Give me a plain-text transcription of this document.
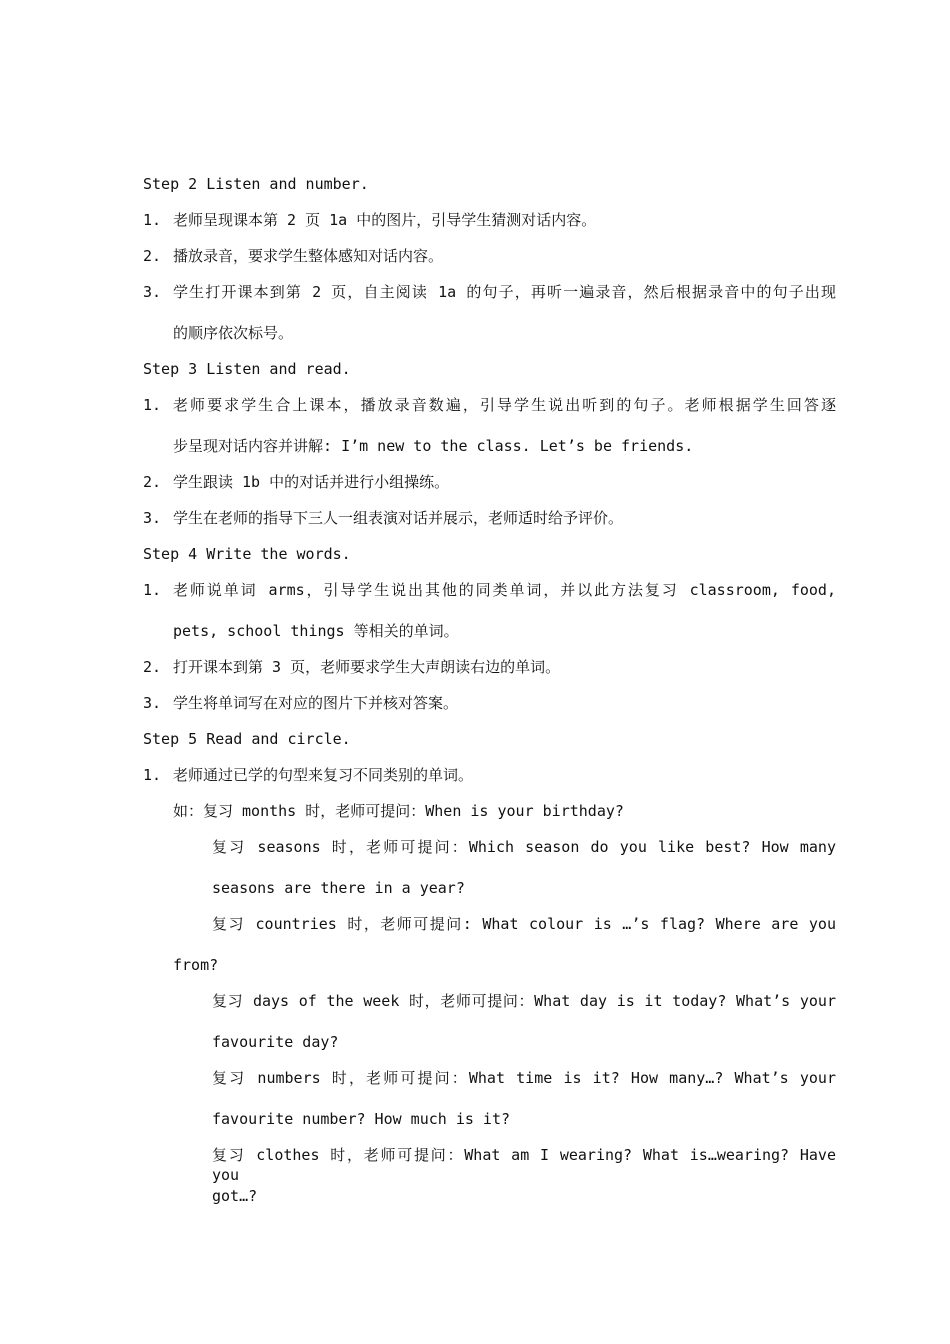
Step 2 Listen and number.
1. 老师呈现课本第 2 页 1a 中的图片，引导学生猜测对话内容。
2. 播放录音，要求学生整体感知对话内容。
3. 学生打开课本到第 2 页，自主阅读 1a 的句子，再听一遍录音，然后根据录音中的句子出现
的顺序依次标号。
Step 3 Listen and read.
1. 老师要求学生合上课本，播放录音数遍，引导学生说出听到的句子。老师根据学生回答逐
步呈现对话内容并讲解: I’m new to the class. Let’s be friends.
2. 学生跟读 1b 中的对话并进行小组操练。
3. 学生在老师的指导下三人一组表演对话并展示，老师适时给予评价。
Step 4 Write the words.
1. 老师说单词 arms，引导学生说出其他的同类单词，并以此方法复习 classroom, food,
pets, school things 等相关的单词。
2. 打开课本到第 3 页，老师要求学生大声朗读右边的单词。
3. 学生将单词写在对应的图片下并核对答案。
Step 5 Read and circle.
1. 老师通过已学的句型来复习不同类别的单词。
如：复习 months 时，老师可提问：When is your birthday?
复习 seasons 时，老师可提问：Which season do you like best? How many
seasons are there in a year?
复习 countries 时，老师可提问: What colour is …’s flag? Where are you
from?
复习 days of the week 时，老师可提问：What day is it today? What’s your
favourite day?
复习 numbers 时，老师可提问：What time is it? How many…? What’s your
favourite number? How much is it?
复习 clothes 时，老师可提问：What am I wearing? What is…wearing? Have you
got…?
